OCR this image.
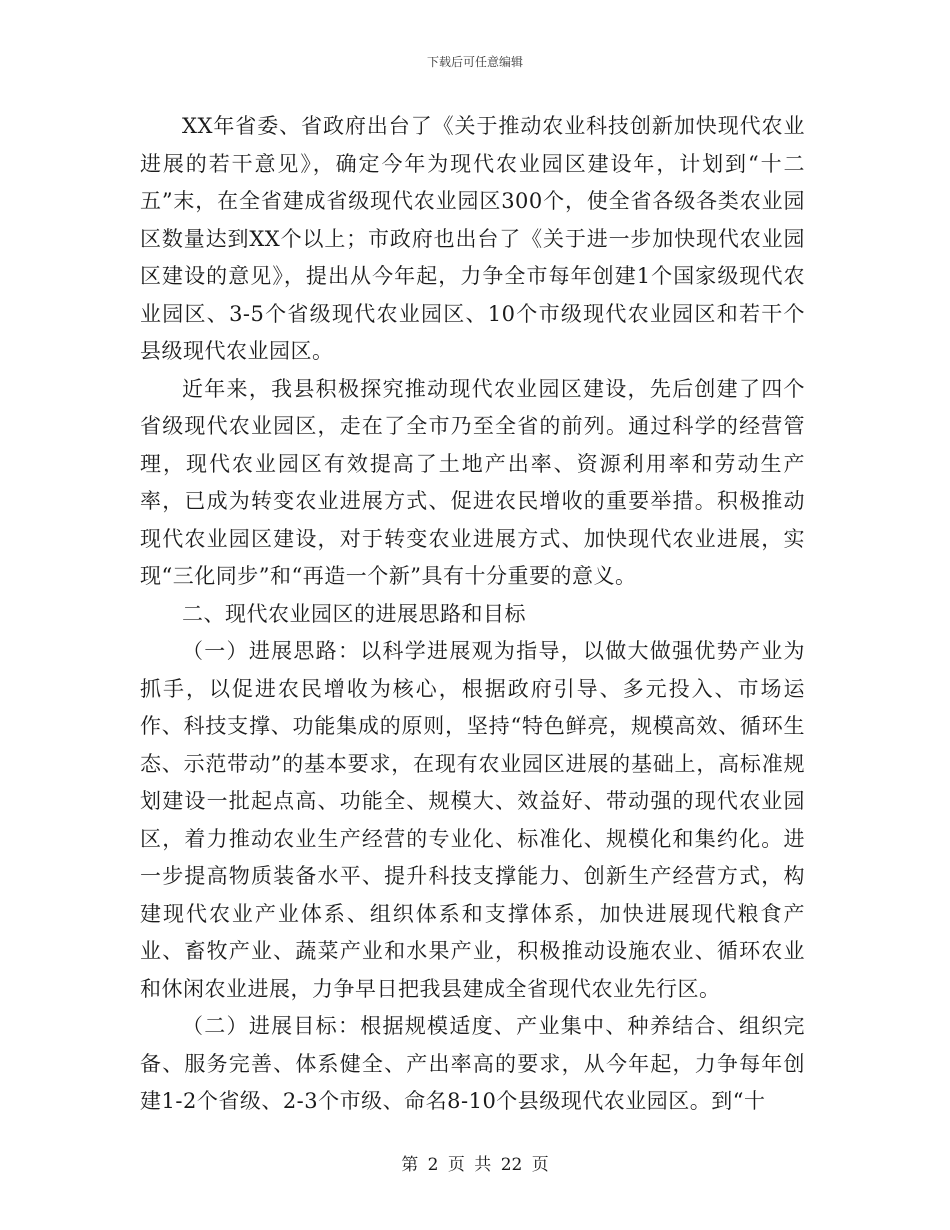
下载后可任意编辑

XX年省委、省政府出台了《关于推动农业科技创新加快现代农业进展的若干意见》，确定今年为现代农业园区建设年，计划到“十二五”末，在全省建成省级现代农业园区300个，使全省各级各类农业园区数量达到XX个以上；市政府也出台了《关于进一步加快现代农业园区建设的意见》，提出从今年起，力争全市每年创建1个国家级现代农业园区、3-5个省级现代农业园区、10个市级现代农业园区和若干个县级现代农业园区。

近年来，我县积极探究推动现代农业园区建设，先后创建了四个省级现代农业园区，走在了全市乃至全省的前列。通过科学的经营管理，现代农业园区有效提高了土地产出率、资源利用率和劳动生产率，已成为转变农业进展方式、促进农民增收的重要举措。积极推动现代农业园区建设，对于转变农业进展方式、加快现代农业进展，实现“三化同步”和“再造一个新”具有十分重要的意义。

二、现代农业园区的进展思路和目标

（一）进展思路：以科学进展观为指导，以做大做强优势产业为抓手，以促进农民增收为核心，根据政府引导、多元投入、市场运作、科技支撑、功能集成的原则，坚持“特色鲜亮，规模高效、循环生态、示范带动”的基本要求，在现有农业园区进展的基础上，高标准规划建设一批起点高、功能全、规模大、效益好、带动强的现代农业园区，着力推动农业生产经营的专业化、标准化、规模化和集约化。进一步提高物质装备水平、提升科技支撑能力、创新生产经营方式，构建现代农业产业体系、组织体系和支撑体系，加快进展现代粮食产业、畜牧产业、蔬菜产业和水果产业，积极推动设施农业、循环农业和休闲农业进展，力争早日把我县建成全省现代农业先行区。

（二）进展目标：根据规模适度、产业集中、种养结合、组织完备、服务完善、体系健全、产出率高的要求，从今年起，力争每年创建1-2个省级、2-3个市级、命名8-10个县级现代农业园区。到“十

第 2 页 共 22 页
